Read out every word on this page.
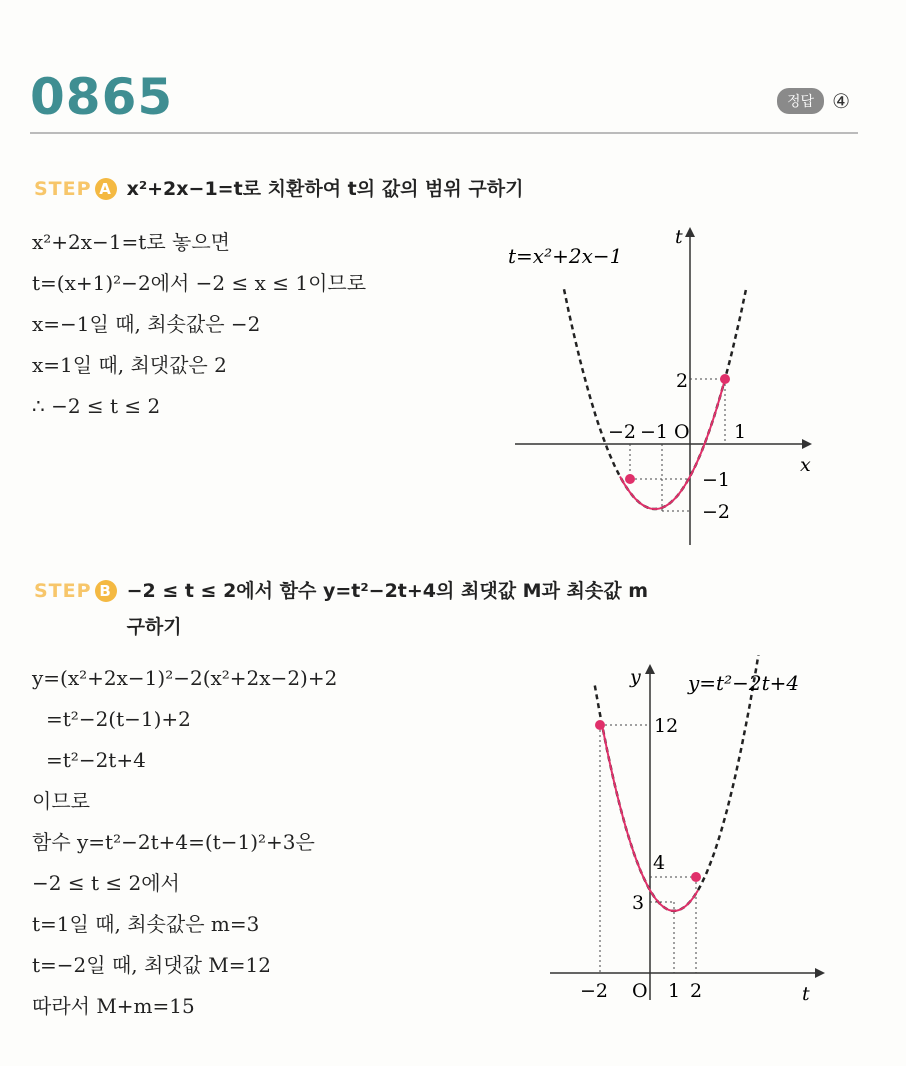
0865	정답 ④
STEP A x²+2x−1=t로 치환하여 t의 값의 범위 구하기
x²+2x−1=t로 놓으면
t=(x+1)²−2에서 −2 ≤ x ≤ 1이므로
x=−1일 때, 최솟값은 −2
x=1일 때, 최댓값은 2
∴ −2 ≤ t ≤ 2
t=x²+2x−1
t
x
−2 −1 O 1
2
−1
−2
STEP B −2 ≤ t ≤ 2에서 함수 y=t²−2t+4의 최댓값 M과 최솟값 m
구하기
y=(x²+2x−1)²−2(x²+2x−2)+2
=t²−2(t−1)+2
=t²−2t+4
이므로
함수 y=t²−2t+4=(t−1)²+3은
−2 ≤ t ≤ 2에서
t=1일 때, 최솟값은 m=3
t=−2일 때, 최댓값 M=12
따라서 M+m=15
y=t²−2t+4
y
t
12
4
3
−2 O 1 2
